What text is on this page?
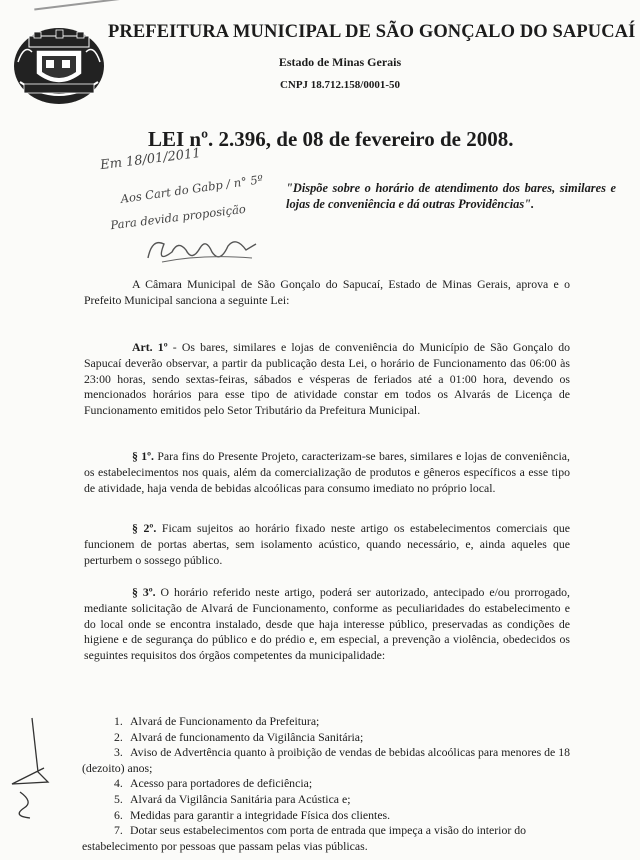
PREFEITURA MUNICIPAL DE SÃO GONÇALO DO SAPUCAÍ
Estado de Minas Gerais
CNPJ 18.712.158/0001-50
LEI nº. 2.396, de 08 de fevereiro de 2008.
Em 18/01/2011
Aos Cart do Gabp / n° 5º
Para devida proposição
"Dispõe sobre o horário de atendimento dos bares, similares e lojas de conveniência e dá outras Providências".
A Câmara Municipal de São Gonçalo do Sapucaí, Estado de Minas Gerais, aprova e o Prefeito Municipal sanciona a seguinte Lei:
Art. 1º - Os bares, similares e lojas de conveniência do Município de São Gonçalo do Sapucaí deverão observar, a partir da publicação desta Lei, o horário de Funcionamento das 06:00 às 23:00 horas, sendo sextas-feiras, sábados e vésperas de feriados até a 01:00 hora, devendo os mencionados horários para esse tipo de atividade constar em todos os Alvarás de Licença de Funcionamento emitidos pelo Setor Tributário da Prefeitura Municipal.
§ 1º. Para fins do Presente Projeto, caracterizam-se bares, similares e lojas de conveniência, os estabelecimentos nos quais, além da comercialização de produtos e gêneros específicos a esse tipo de atividade, haja venda de bebidas alcoólicas para consumo imediato no próprio local.
§ 2º. Ficam sujeitos ao horário fixado neste artigo os estabelecimentos comerciais que funcionem de portas abertas, sem isolamento acústico, quando necessário, e, ainda aqueles que perturbem o sossego público.
§ 3º. O horário referido neste artigo, poderá ser autorizado, antecipado e/ou prorrogado, mediante solicitação de Alvará de Funcionamento, conforme as peculiaridades do estabelecimento e do local onde se encontra instalado, desde que haja interesse público, preservadas as condições de higiene e de segurança do público e do prédio e, em especial, a prevenção a violência, obedecidos os seguintes requisitos dos órgãos competentes da municipalidade:
1. Alvará de Funcionamento da Prefeitura;
2. Alvará de funcionamento da Vigilância Sanitária;
3. Aviso de Advertência quanto à proibição de vendas de bebidas alcoólicas para menores de 18 (dezoito) anos;
4. Acesso para portadores de deficiência;
5. Alvará da Vigilância Sanitária para Acústica e;
6. Medidas para garantir a integridade Física dos clientes.
7. Dotar seus estabelecimentos com porta de entrada que impeça a visão do interior do estabelecimento por pessoas que passam pelas vias públicas.
